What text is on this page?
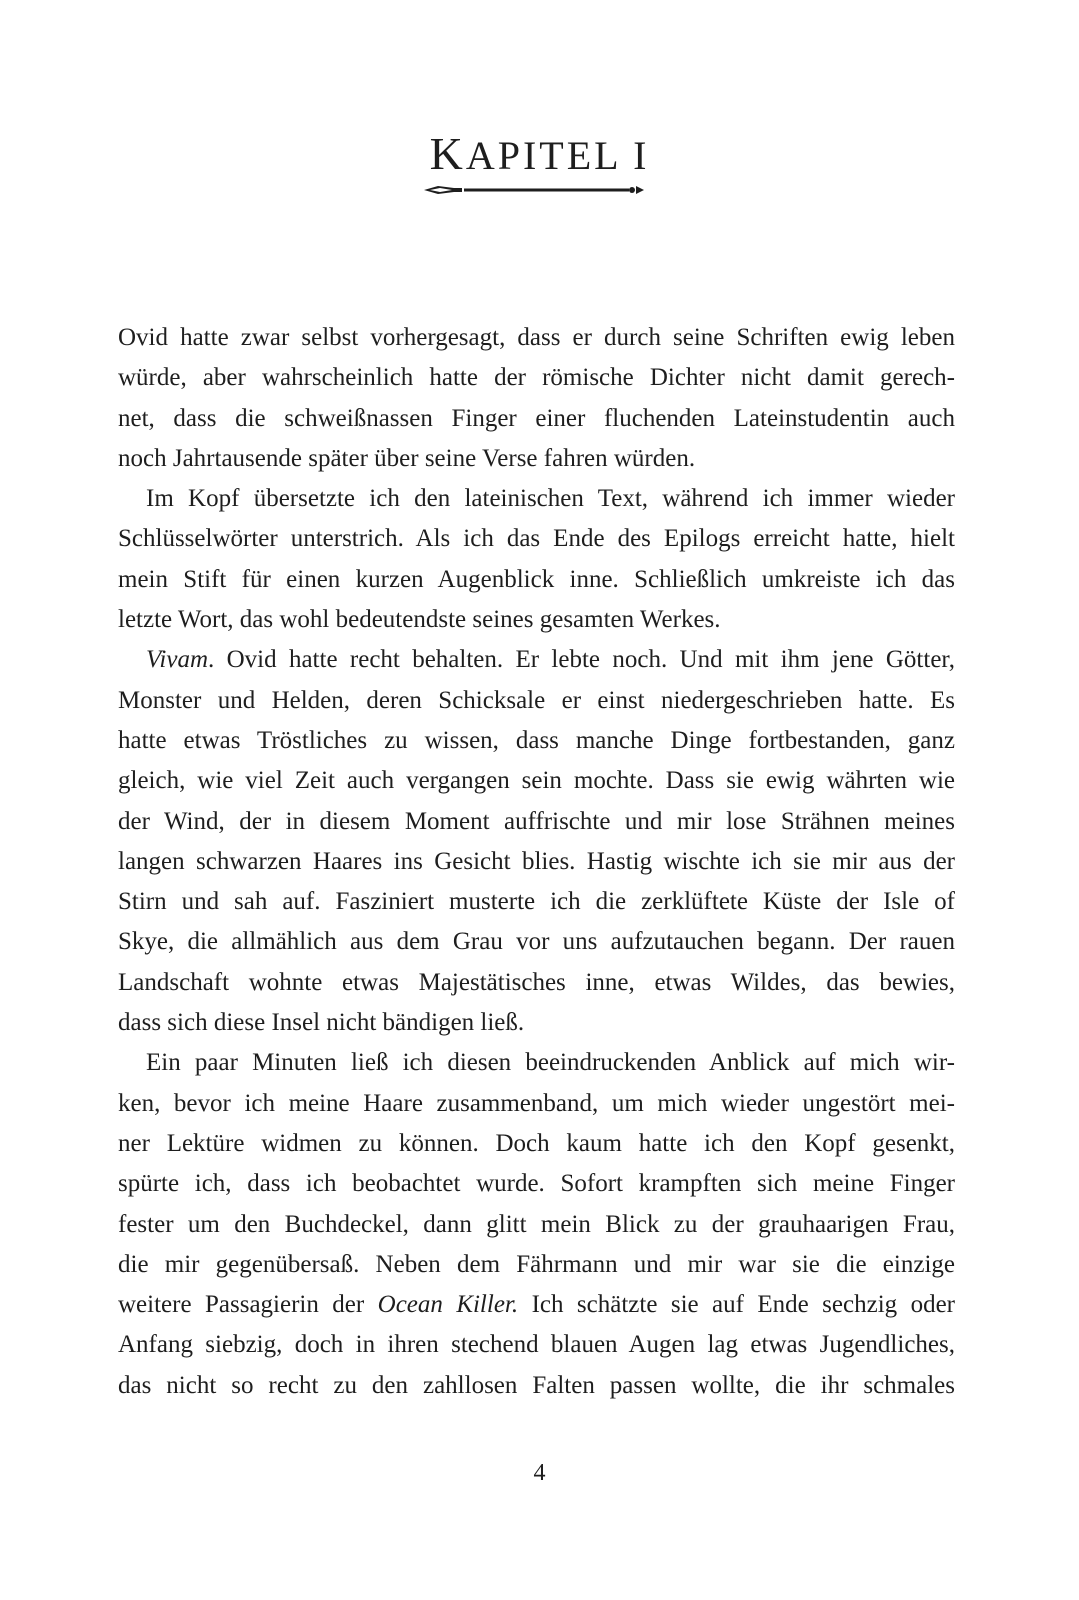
KAPITEL I
Ovid hatte zwar selbst vorhergesagt, dass er durch seine Schriften ewig leben
würde, aber wahrscheinlich hatte der römische Dichter nicht damit gerech-
net, dass die schweißnassen Finger einer fluchenden Lateinstudentin auch
noch Jahrtausende später über seine Verse fahren würden.
Im Kopf übersetzte ich den lateinischen Text, während ich immer wieder
Schlüsselwörter unterstrich. Als ich das Ende des Epilogs erreicht hatte, hielt
mein Stift für einen kurzen Augenblick inne. Schließlich umkreiste ich das
letzte Wort, das wohl bedeutendste seines gesamten Werkes.
Vivam. Ovid hatte recht behalten. Er lebte noch. Und mit ihm jene Götter,
Monster und Helden, deren Schicksale er einst niedergeschrieben hatte. Es
hatte etwas Tröstliches zu wissen, dass manche Dinge fortbestanden, ganz
gleich, wie viel Zeit auch vergangen sein mochte. Dass sie ewig währten wie
der Wind, der in diesem Moment auffrischte und mir lose Strähnen meines
langen schwarzen Haares ins Gesicht blies. Hastig wischte ich sie mir aus der
Stirn und sah auf. Fasziniert musterte ich die zerklüftete Küste der Isle of
Skye, die allmählich aus dem Grau vor uns aufzutauchen begann. Der rauen
Landschaft wohnte etwas Majestätisches inne, etwas Wildes, das bewies,
dass sich diese Insel nicht bändigen ließ.
Ein paar Minuten ließ ich diesen beeindruckenden Anblick auf mich wir-
ken, bevor ich meine Haare zusammenband, um mich wieder ungestört mei-
ner Lektüre widmen zu können. Doch kaum hatte ich den Kopf gesenkt,
spürte ich, dass ich beobachtet wurde. Sofort krampften sich meine Finger
fester um den Buchdeckel, dann glitt mein Blick zu der grauhaarigen Frau,
die mir gegenübersaß. Neben dem Fährmann und mir war sie die einzige
weitere Passagierin der Ocean Killer. Ich schätzte sie auf Ende sechzig oder
Anfang siebzig, doch in ihren stechend blauen Augen lag etwas Jugendliches,
das nicht so recht zu den zahllosen Falten passen wollte, die ihr schmales
4
